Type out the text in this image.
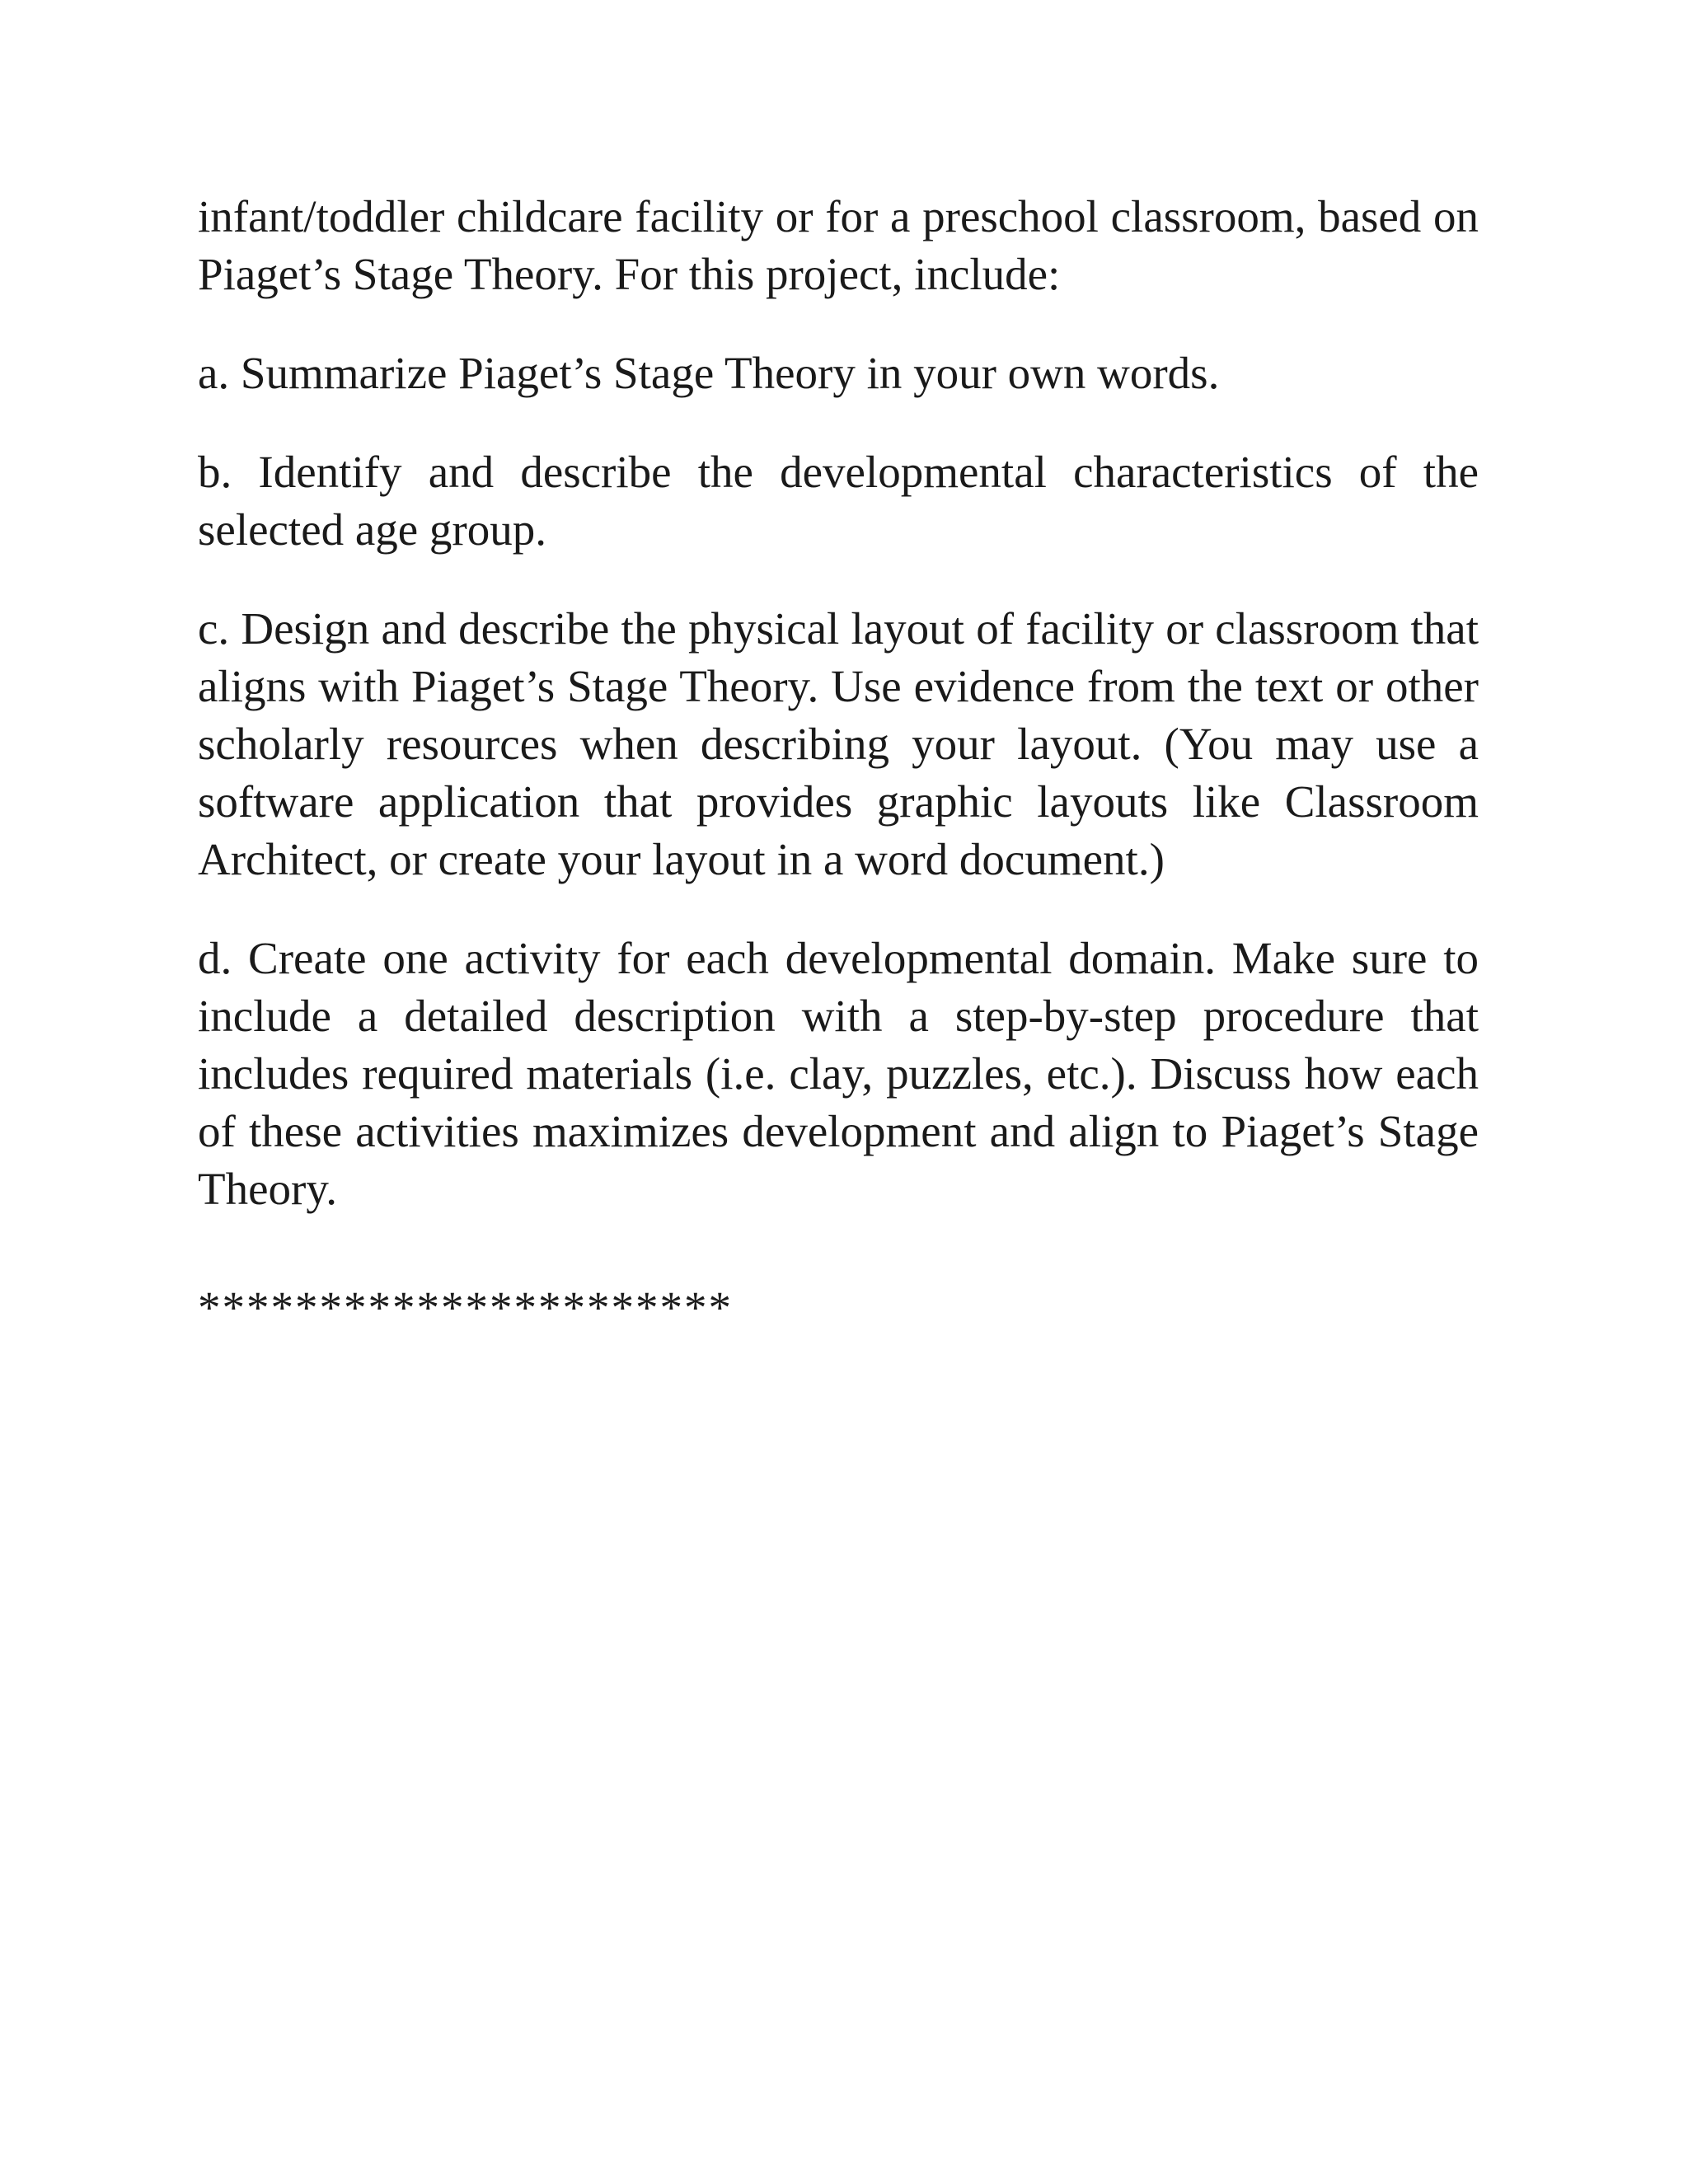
infant/toddler childcare facility or for a preschool classroom, based on Piaget’s Stage Theory. For this project, include:

a. Summarize Piaget’s Stage Theory in your own words.

b. Identify and describe the developmental characteristics of the selected age group.

c. Design and describe the physical layout of facility or classroom that aligns with Piaget’s Stage Theory. Use evidence from the text or other scholarly resources when describing your layout. (You may use a software application that provides graphic layouts like Classroom Architect, or create your layout in a word document.)

d. Create one activity for each developmental domain. Make sure to include a detailed description with a step-by-step procedure that includes required materials (i.e. clay, puzzles, etc.). Discuss how each of these activities maximizes development and align to Piaget’s Stage Theory.

**********************
